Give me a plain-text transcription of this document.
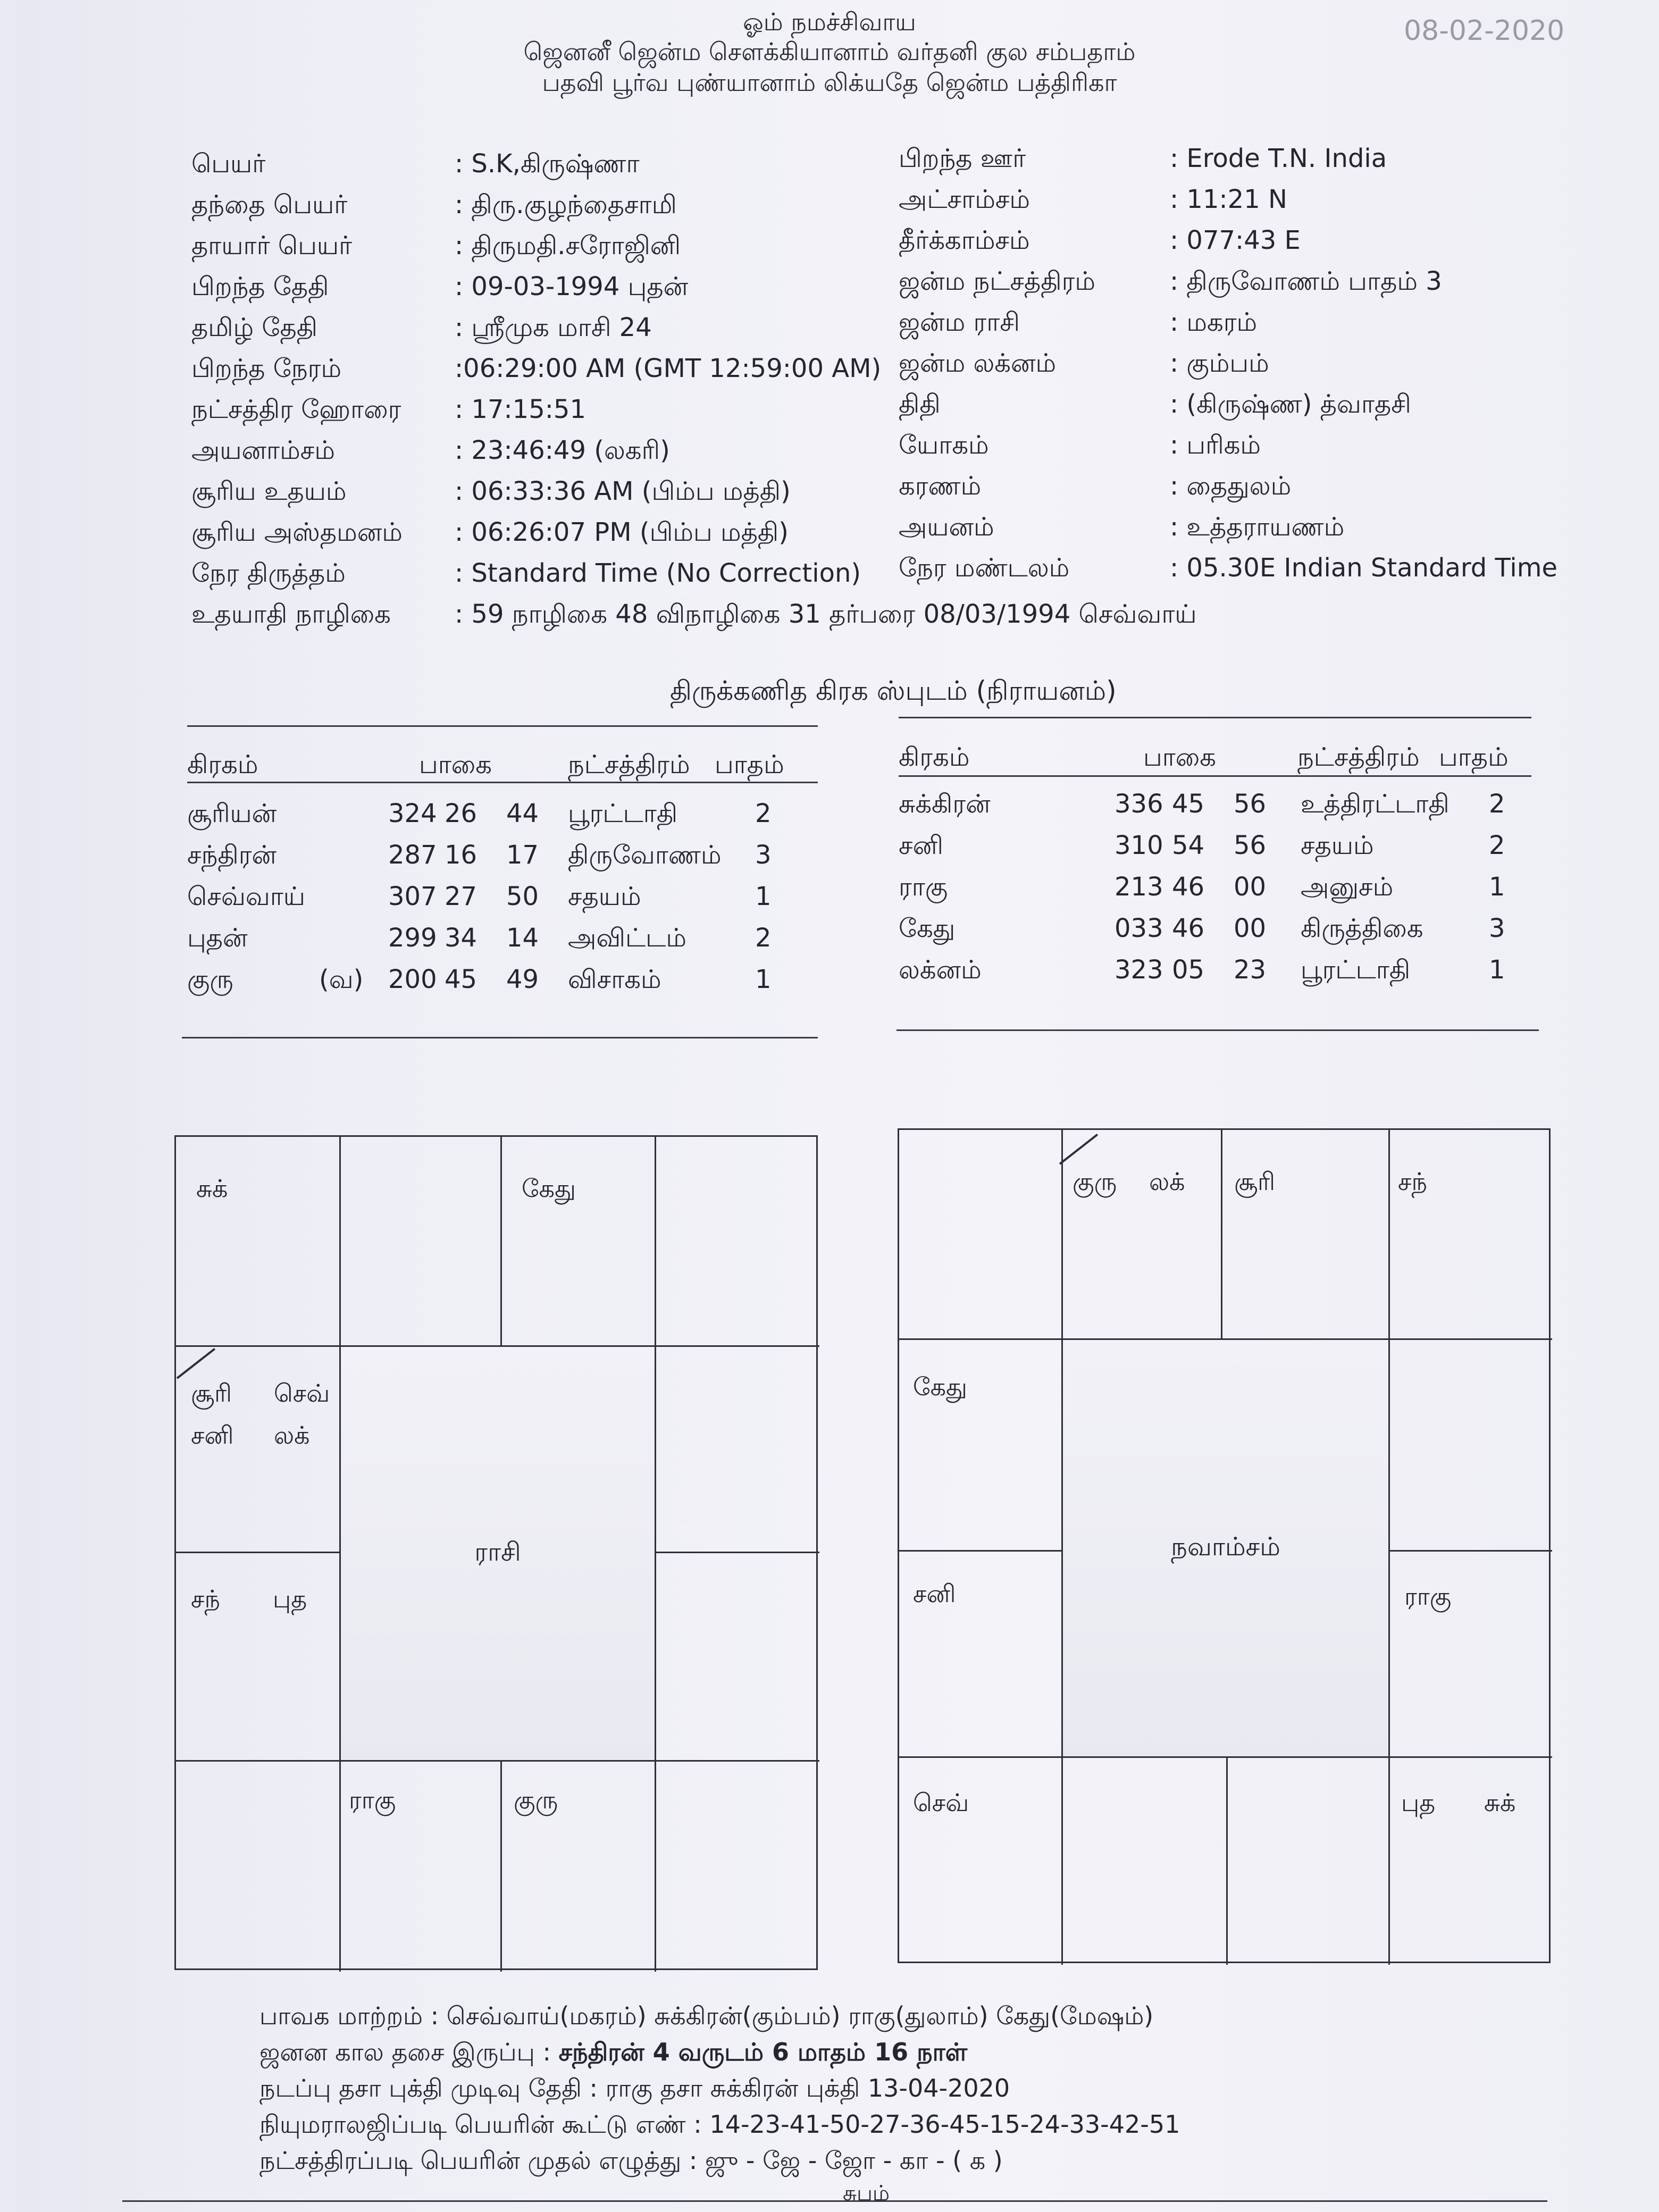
ஓம் நமச்சிவாய
ஜெனனீ ஜென்ம சௌக்கியானாம் வர்தனி குல சம்பதாம்
பதவி பூர்வ புண்யானாம் லிக்யதே ஜென்ம பத்திரிகா
08-02-2020
பெயர்	: S.K,கிருஷ்ணா
தந்தை பெயர்	: திரு.குழந்தைசாமி
தாயார் பெயர்	: திருமதி.சரோஜினி
பிறந்த தேதி	: 09-03-1994 புதன்
தமிழ் தேதி	: ஸ்ரீமுக மாசி 24
பிறந்த நேரம்	:06:29:00 AM (GMT 12:59:00 AM)
நட்சத்திர ஹோரை : 17:15:51
அயனாம்சம்	: 23:46:49 (லகரி)
சூரிய உதயம்	: 06:33:36 AM (பிம்ப மத்தி)
சூரிய அஸ்தமனம் : 06:26:07 PM (பிம்ப மத்தி)
நேர திருத்தம்	: Standard Time (No Correction)
உதயாதி நாழிகை	: 59 நாழிகை 48 விநாழிகை 31 தர்பரை 08/03/1994 செவ்வாய்
பிறந்த ஊர்	: Erode T.N. India
அட்சாம்சம்	: 11:21 N
தீர்க்காம்சம்	: 077:43 E
ஜன்ம நட்சத்திரம்	: திருவோணம் பாதம் 3
ஜன்ம ராசி	: மகரம்
ஜன்ம லக்னம்	: கும்பம்
திதி	: (கிருஷ்ண) த்வாதசி
யோகம்	: பரிகம்
கரணம்	: தைதுலம்
அயனம்	: உத்தராயணம்
நேர மண்டலம்	: 05.30E Indian Standard Time
திருக்கணித கிரக ஸ்புடம் (நிராயனம்)
கிரகம்	பாகை	நட்சத்திரம் பாதம்
சூரியன்	324 26 44 பூரட்டாதி	2
சந்திரன்	287 16 17 திருவோணம் 3
செவ்வாய்	307 27 50 சதயம்	1
புதன்	299 34 14 அவிட்டம்	2
குரு	(வ) 200 45 49 விசாகம்	1
கிரகம்	பாகை	நட்சத்திரம் பாதம்
சுக்கிரன்	336 45 56 உத்திரட்டாதி 2
சனி	310 54 56 சதயம்	2
ராகு	213 46 00 அனுசம்	1
கேது	033 46 00 கிருத்திகை	3
லக்னம்	323 05 23 பூரட்டாதி	1
ராசி
சுக்	கேது
சூரி செவ்
சனி லக்
சந் புத
ராகு	குரு
நவாம்சம்
குரு லக் சூரி	சந்
கேது
சனி	ராகு
செவ்	புத சுக்
பாவக மாற்றம் : செவ்வாய்(மகரம்) சுக்கிரன்(கும்பம்) ராகு(துலாம்) கேது(மேஷம்)
ஜனன கால தசை இருப்பு : சந்திரன் 4 வருடம் 6 மாதம் 16 நாள்
நடப்பு தசா புக்தி முடிவு தேதி : ராகு தசா சுக்கிரன் புக்தி 13-04-2020
நியுமராலஜிப்படி பெயரின் கூட்டு எண் : 14-23-41-50-27-36-45-15-24-33-42-51
நட்சத்திரப்படி பெயரின் முதல் எழுத்து : ஜு - ஜே - ஜோ - கா - ( க )
சுபம்
